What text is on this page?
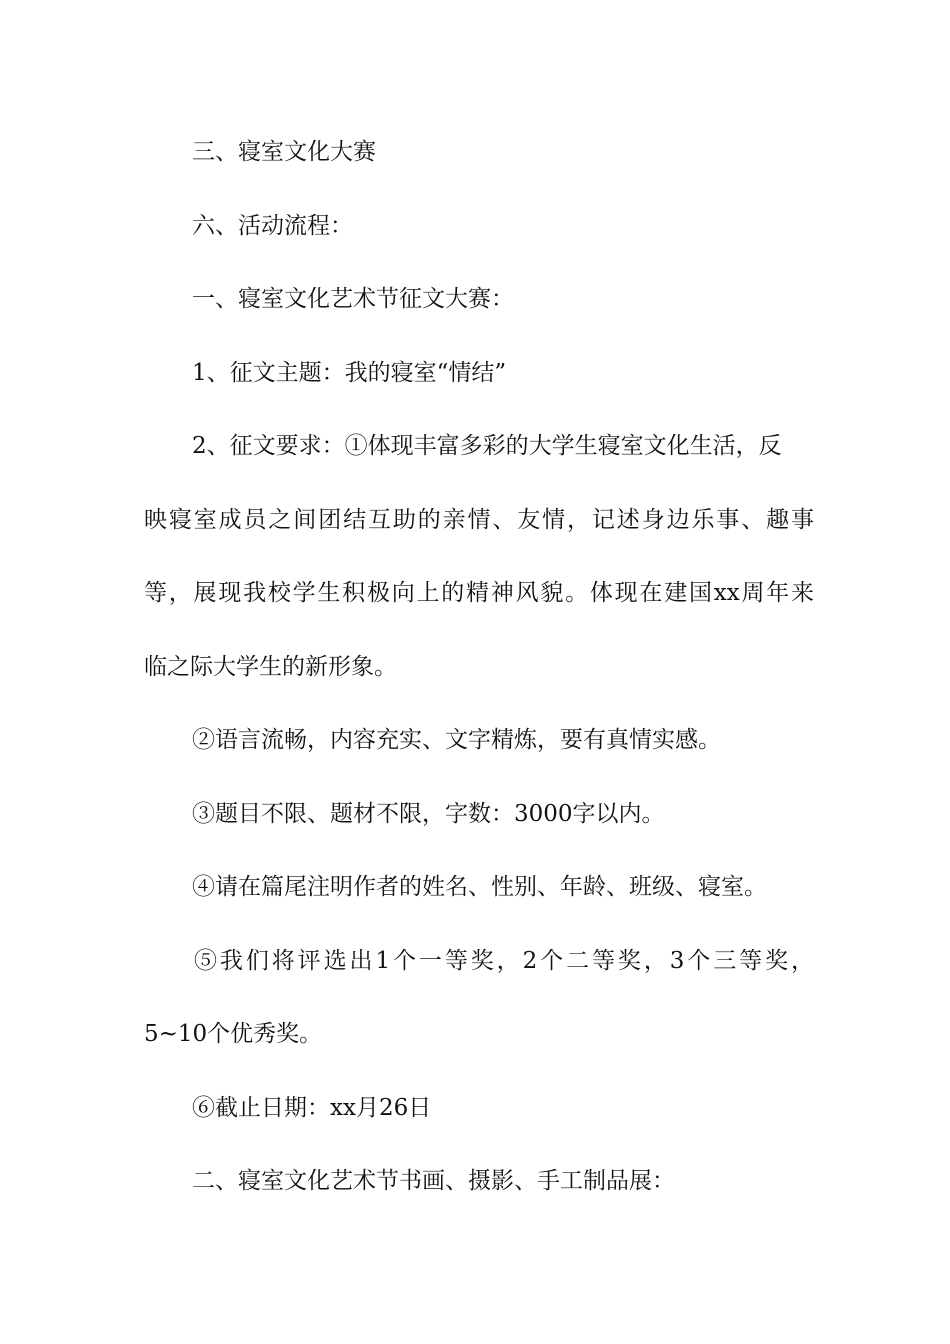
三、寝室文化大赛
六、活动流程：
一、寝室文化艺术节征文大赛：
1、征文主题：我的寝室“情结”
2、征文要求：①体现丰富多彩的大学生寝室文化生活，反
映寝室成员之间团结互助的亲情、友情，记述身边乐事、趣事
等，展现我校学生积极向上的精神风貌。体现在建国xx周年来
临之际大学生的新形象。
②语言流畅，内容充实、文字精炼，要有真情实感。
③题目不限、题材不限，字数：3000字以内。
④请在篇尾注明作者的姓名、性别、年龄、班级、寝室。
⑤我们将评选出1个一等奖，2个二等奖，3个三等奖，
5~10个优秀奖。
⑥截止日期：xx月26日
二、寝室文化艺术节书画、摄影、手工制品展：
